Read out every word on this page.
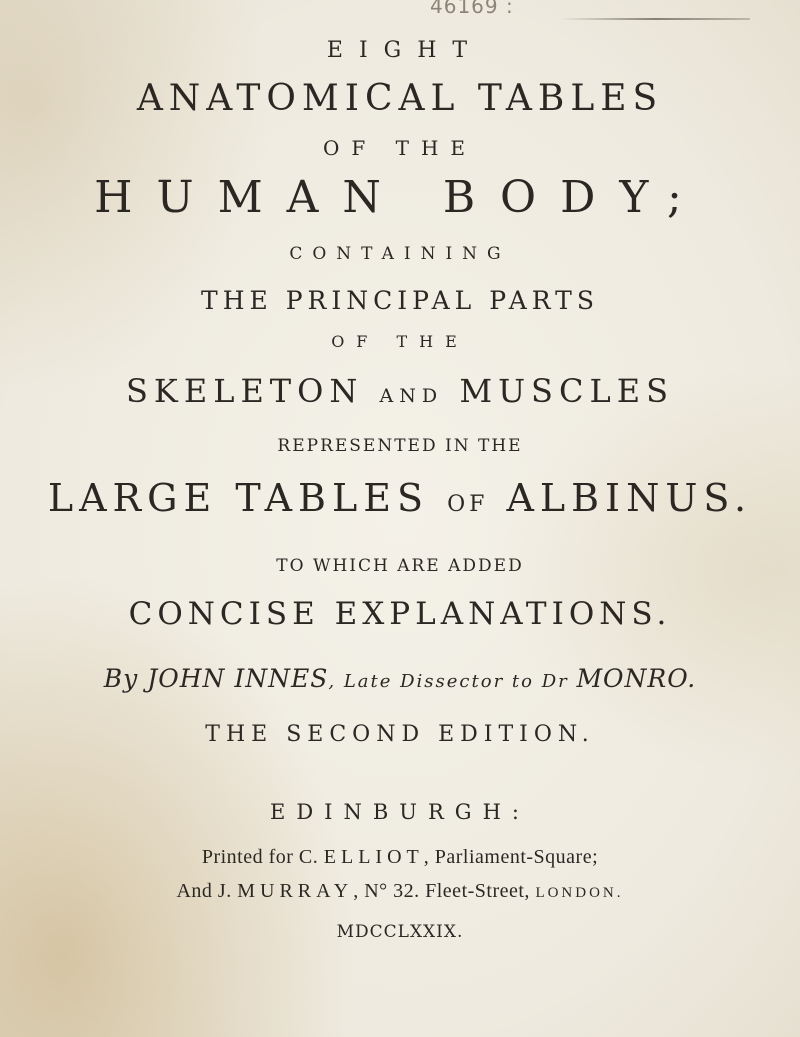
46169 :
EIGHT
ANATOMICAL TABLES
OF THE
HUMAN BODY;
CONTAINING
THE PRINCIPAL PARTS
OF THE
SKELETON AND MUSCLES
REPRESENTED IN THE
LARGE TABLES OF ALBINUS.
TO WHICH ARE ADDED
CONCISE EXPLANATIONS.
By JOHN INNES, Late Dissector to Dr MONRO.
THE SECOND EDITION.
EDINBURGH:
Printed for C. ELLIOT, Parliament-Square;
And J. MURRAY, N° 32. Fleet-Street, LONDON.
MDCCLXXIX.
